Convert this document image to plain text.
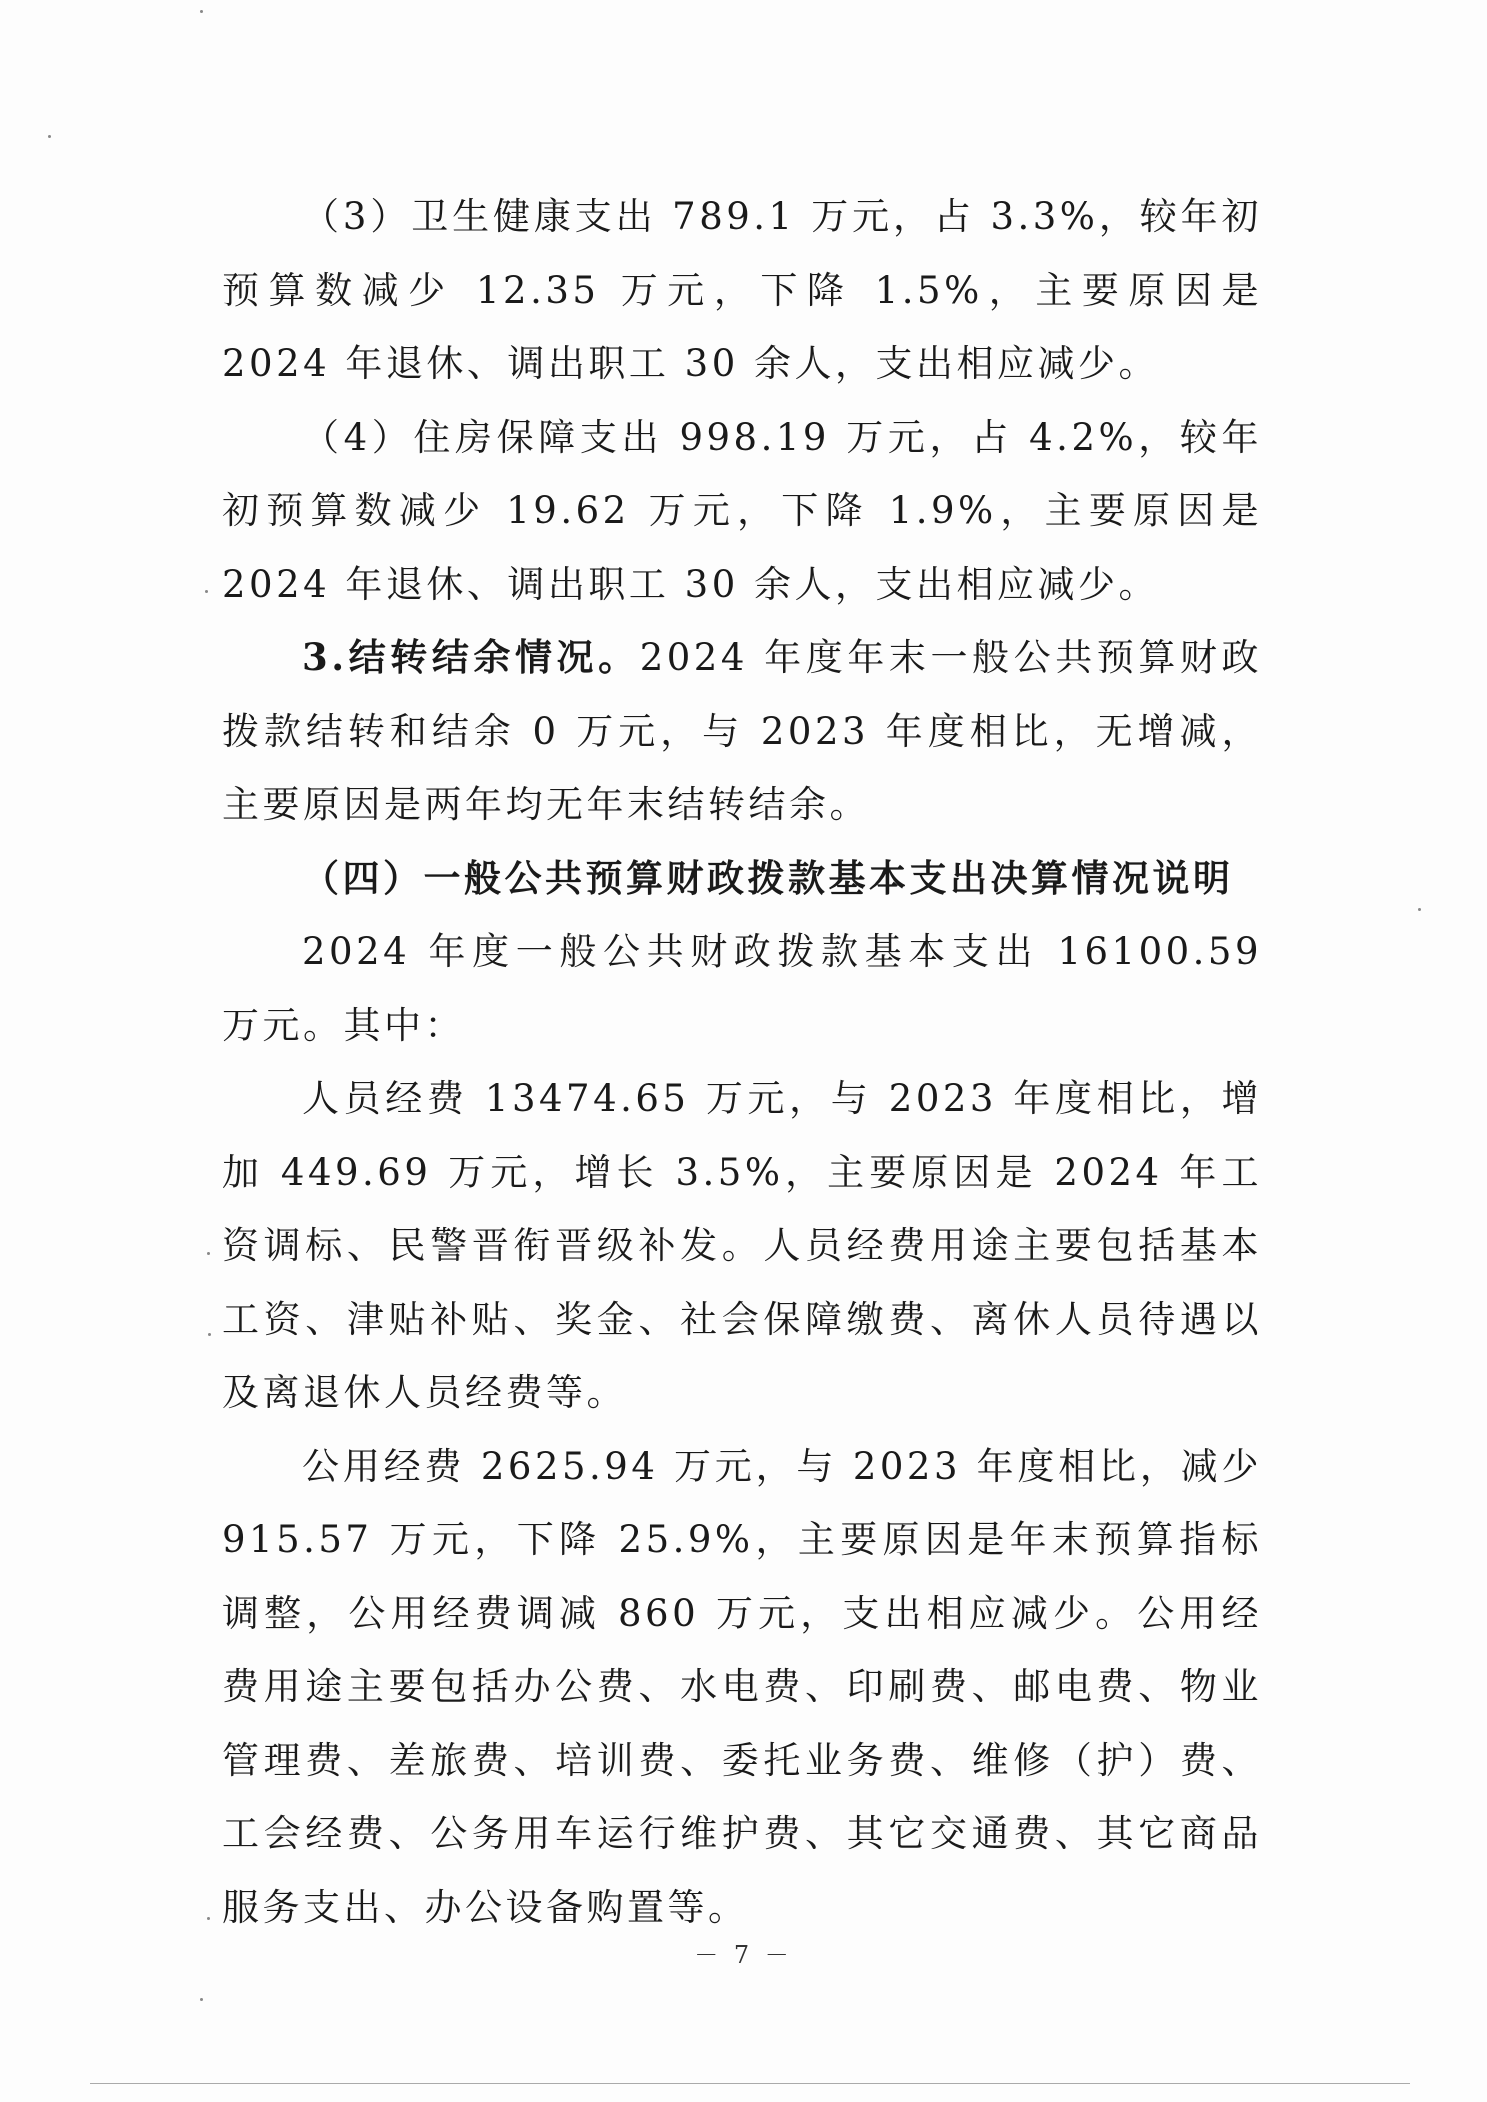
（3）卫生健康支出 789.1 万元，占 3.3%，较年初预算数减少 12.35 万元，下降 1.5%，主要原因是 2024 年退休、调出职工 30 余人，支出相应减少。

（4）住房保障支出 998.19 万元，占 4.2%，较年初预算数减少 19.62 万元，下降 1.9%，主要原因是 2024 年退休、调出职工 30 余人，支出相应减少。

3.结转结余情况。2024 年度年末一般公共预算财政拨款结转和结余 0 万元，与 2023 年度相比，无增减，主要原因是两年均无年末结转结余。

（四）一般公共预算财政拨款基本支出决算情况说明

2024 年度一般公共财政拨款基本支出 16100.59 万元。其中：

人员经费 13474.65 万元，与 2023 年度相比，增加 449.69 万元，增长 3.5%，主要原因是 2024 年工资调标、民警晋衔晋级补发。人员经费用途主要包括基本工资、津贴补贴、奖金、社会保障缴费、离休人员待遇以及离退休人员经费等。

公用经费 2625.94 万元，与 2023 年度相比，减少 915.57 万元，下降 25.9%，主要原因是年末预算指标调整，公用经费调减 860 万元，支出相应减少。公用经费用途主要包括办公费、水电费、印刷费、邮电费、物业管理费、差旅费、培训费、委托业务费、维修（护）费、工会经费、公务用车运行维护费、其它交通费、其它商品服务支出、办公设备购置等。

－ 7 －
